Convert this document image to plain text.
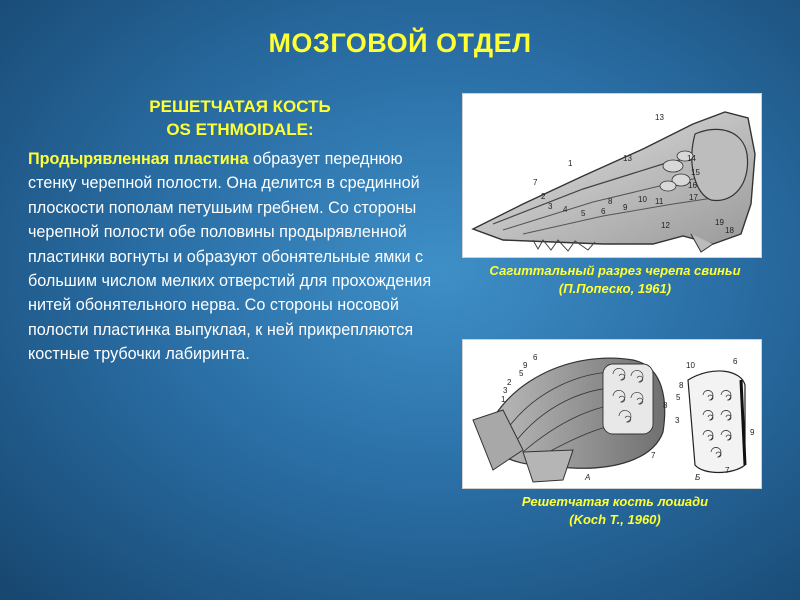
МОЗГОВОЙ ОТДЕЛ
РЕШЕТЧАТАЯ КОСТЬ
OS ETHMOIDALE:
Продырявленная пластина образует переднюю стенку черепной полости. Она делится в срединной плоскости пополам петушьим гребнем. Со стороны черепной полости обе половины продырявленной пластинки вогнуты и образуют обонятельные ямки с большим числом мелких отверстий для прохождения нитей обонятельного нерва. Со стороны носовой полости пластинка выпуклая, к ней прикрепляются костные трубочки лабиринта.
13
1
13	14
15
16
17
7
2
3 4 5 6 9
8	10 11
12	19
18
Сагиттальный разрез черепа свиньи
(П.Попеско, 1961)
6
9
5
2
3
1
8
7
А
10	6
8
5
3
9
7
Б
Решетчатая кость лошади
(Koch T., 1960)
